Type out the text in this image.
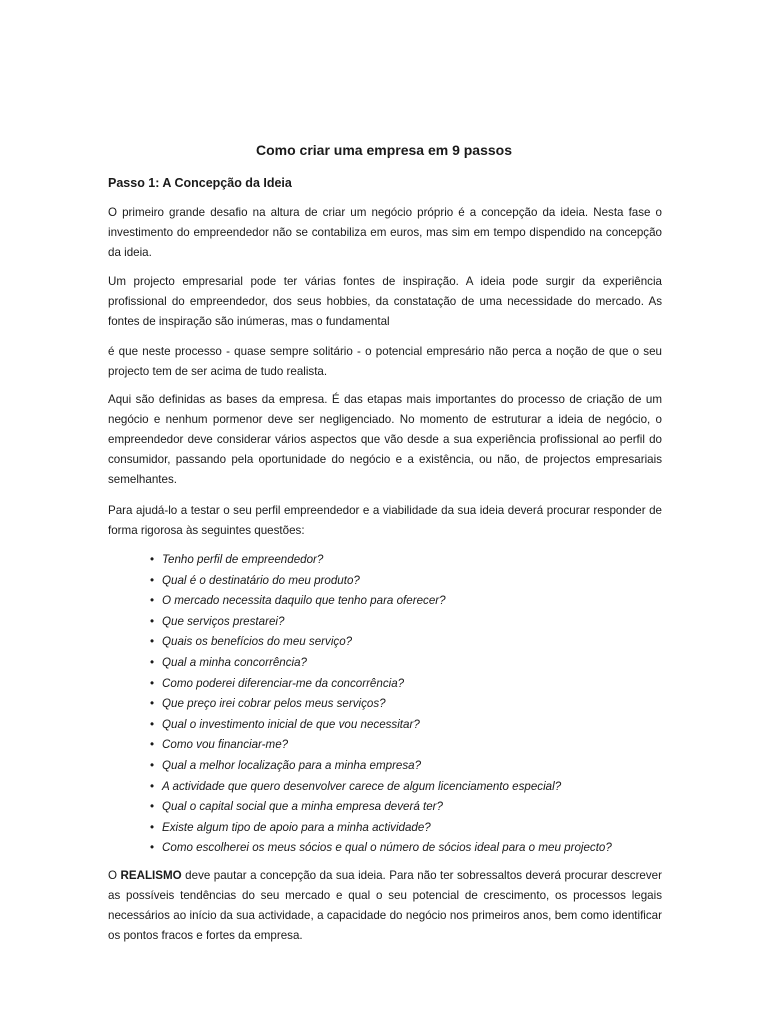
Como criar uma empresa em 9 passos
Passo 1: A Concepção da Ideia

O primeiro grande desafio na altura de criar um negócio próprio é a concepção da ideia. Nesta fase o investimento do empreendedor não se contabiliza em euros, mas sim em tempo dispendido na concepção da ideia.

Um projecto empresarial pode ter várias fontes de inspiração. A ideia pode surgir da experiência profissional do empreendedor, dos seus hobbies, da constatação de uma necessidade do mercado. As fontes de inspiração são inúmeras, mas o fundamental

é que neste processo - quase sempre solitário - o potencial empresário não perca a noção de que o seu projecto tem de ser acima de tudo realista.

Aqui são definidas as bases da empresa. É das etapas mais importantes do processo de criação de um negócio e nenhum pormenor deve ser negligenciado. No momento de estruturar a ideia de negócio, o empreendedor deve considerar vários aspectos que vão desde a sua experiência profissional ao perfil do consumidor, passando pela oportunidade do negócio e a existência, ou não, de projectos empresariais semelhantes.

Para ajudá-lo a testar o seu perfil empreendedor e a viabilidade da sua ideia deverá procurar responder de forma rigorosa às seguintes questões:

• Tenho perfil de empreendedor?
• Qual é o destinatário do meu produto?
• O mercado necessita daquilo que tenho para oferecer?
• Que serviços prestarei?
• Quais os benefícios do meu serviço?
• Qual a minha concorrência?
• Como poderei diferenciar-me da concorrência?
• Que preço irei cobrar pelos meus serviços?
• Qual o investimento inicial de que vou necessitar?
• Como vou financiar-me?
• Qual a melhor localização para a minha empresa?
• A actividade que quero desenvolver carece de algum licenciamento especial?
• Qual o capital social que a minha empresa deverá ter?
• Existe algum tipo de apoio para a minha actividade?
• Como escolherei os meus sócios e qual o número de sócios ideal para o meu projecto?

O REALISMO deve pautar a concepção da sua ideia. Para não ter sobressaltos deverá procurar descrever as possíveis tendências do seu mercado e qual o seu potencial de crescimento, os processos legais necessários ao início da sua actividade, a capacidade do negócio nos primeiros anos, bem como identificar os pontos fracos e fortes da empresa.
